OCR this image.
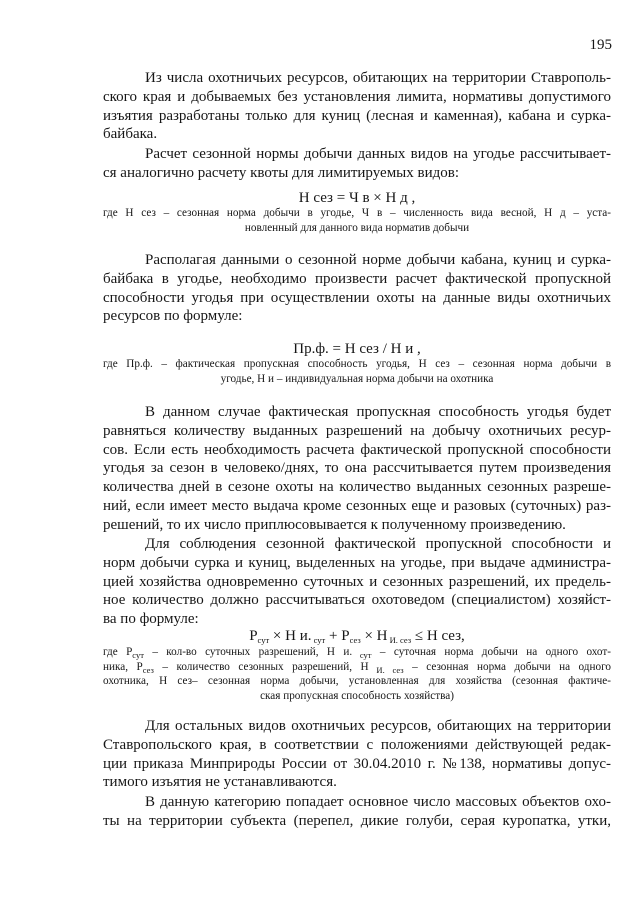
195
Из числа охотничьих ресурсов, обитающих на территории Ставрополь-
ского края и добываемых без установления лимита, нормативы допустимого
изъятия разработаны только для куниц (лесная и каменная), кабана и сурка-
байбака.
Расчет сезонной нормы добычи данных видов на угодье рассчитывает-
ся аналогично расчету квоты для лимитируемых видов:
Н сез = Ч в × Н д ,
где Н сез – сезонная норма добычи в угодье, Ч в – численность вида весной, Н д – уста-
новленный для данного вида норматив добычи
Располагая данными о сезонной норме добычи кабана, куниц и сурка-
байбака в угодье, необходимо произвести расчет фактической пропускной
способности угодья при осуществлении охоты на данные виды охотничьих
ресурсов по формуле:
Пр.ф. = Н сез / Н и ,
где Пр.ф. – фактическая пропускная способность угодья, Н сез – сезонная норма добычи в
угодье, Н и – индивидуальная норма добычи на охотника
В данном случае фактическая пропускная способность угодья будет
равняться количеству выданных разрешений на добычу охотничьих ресур-
сов. Если есть необходимость расчета фактической пропускной способности
угодья за сезон в человеко/днях, то она рассчитывается путем произведения
количества дней в сезоне охоты на количество выданных сезонных разреше-
ний, если имеет место выдача кроме сезонных еще и разовых (суточных) раз-
решений, то их число приплюсовывается к полученному произведению.
Для соблюдения сезонной фактической пропускной способности и
норм добычи сурка и куниц, выделенных на угодье, при выдаче администра-
цией хозяйства одновременно суточных и сезонных разрешений, их предель-
ное количество должно рассчитываться охотоведом (специалистом) хозяйст-
ва по формуле:
$Р_{сут} \times Н$ и. $_{сут} + Р_{сез} \times Н$ $_{И. сез}$ ≤ Н сез,
где $Р_{сут} - кол-во$ суточных разрешений, Н и. $_{сут}$ – суточная норма добычи на одного охот-
ника, $Р_{сез}$ – количество сезонных разрешений, Н $_{И. сез}$ – сезонная норма добычи на одного
охотника, Н сез– сезонная норма добычи, установленная для хозяйства (сезонная фактиче-
ская пропускная способность хозяйства)
Для остальных видов охотничьих ресурсов, обитающих на территории
Ставропольского края, в соответствии с положениями действующей редак-
ции приказа Минприроды России от 30.04.2010 г. №138, нормативы допус-
тимого изъятия не устанавливаются.
В данную категорию попадает основное число массовых объектов охо-
ты на территории субъекта (перепел, дикие голуби, серая куропатка, утки,
